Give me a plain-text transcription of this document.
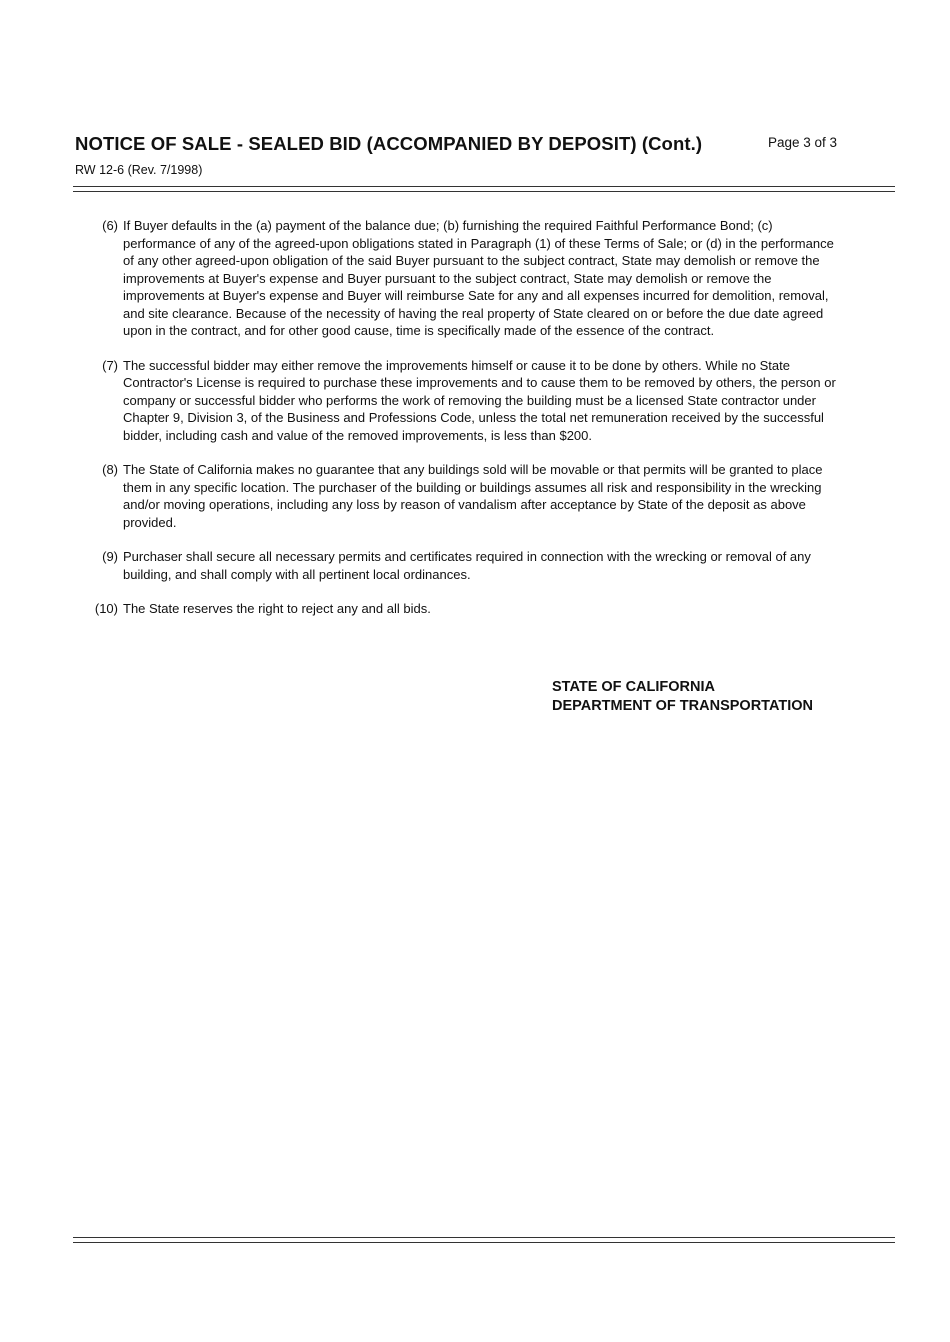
NOTICE OF SALE - SEALED BID (ACCOMPANIED BY DEPOSIT) (Cont.)	Page 3 of 3
RW 12-6 (Rev. 7/1998)
(6) If Buyer defaults in the (a) payment of the balance due; (b) furnishing the required Faithful Performance Bond; (c) performance of any of the agreed-upon obligations stated in Paragraph (1) of these Terms of Sale; or (d) in the performance of any other agreed-upon obligation of the said Buyer pursuant to the subject contract, State may demolish or remove the improvements at Buyer's expense and Buyer pursuant to the subject contract, State may demolish or remove the improvements at Buyer's expense and Buyer will reimburse Sate for any and all expenses incurred for demolition, removal, and site clearance. Because of the necessity of having the real property of State cleared on or before the due date agreed upon in the contract, and for other good cause, time is specifically made of the essence of the contract.
(7) The successful bidder may either remove the improvements himself or cause it to be done by others. While no State Contractor's License is required to purchase these improvements and to cause them to be removed by others, the person or company or successful bidder who performs the work of removing the building must be a licensed State contractor under Chapter 9, Division 3, of the Business and Professions Code, unless the total net remuneration received by the successful bidder, including cash and value of the removed improvements, is less than $200.
(8) The State of California makes no guarantee that any buildings sold will be movable or that permits will be granted to place them in any specific location. The purchaser of the building or buildings assumes all risk and responsibility in the wrecking and/or moving operations, including any loss by reason of vandalism after acceptance by State of the deposit as above provided.
(9) Purchaser shall secure all necessary permits and certificates required in connection with the wrecking or removal of any building, and shall comply with all pertinent local ordinances.
(10) The State reserves the right to reject any and all bids.
STATE OF CALIFORNIA
DEPARTMENT OF TRANSPORTATION
